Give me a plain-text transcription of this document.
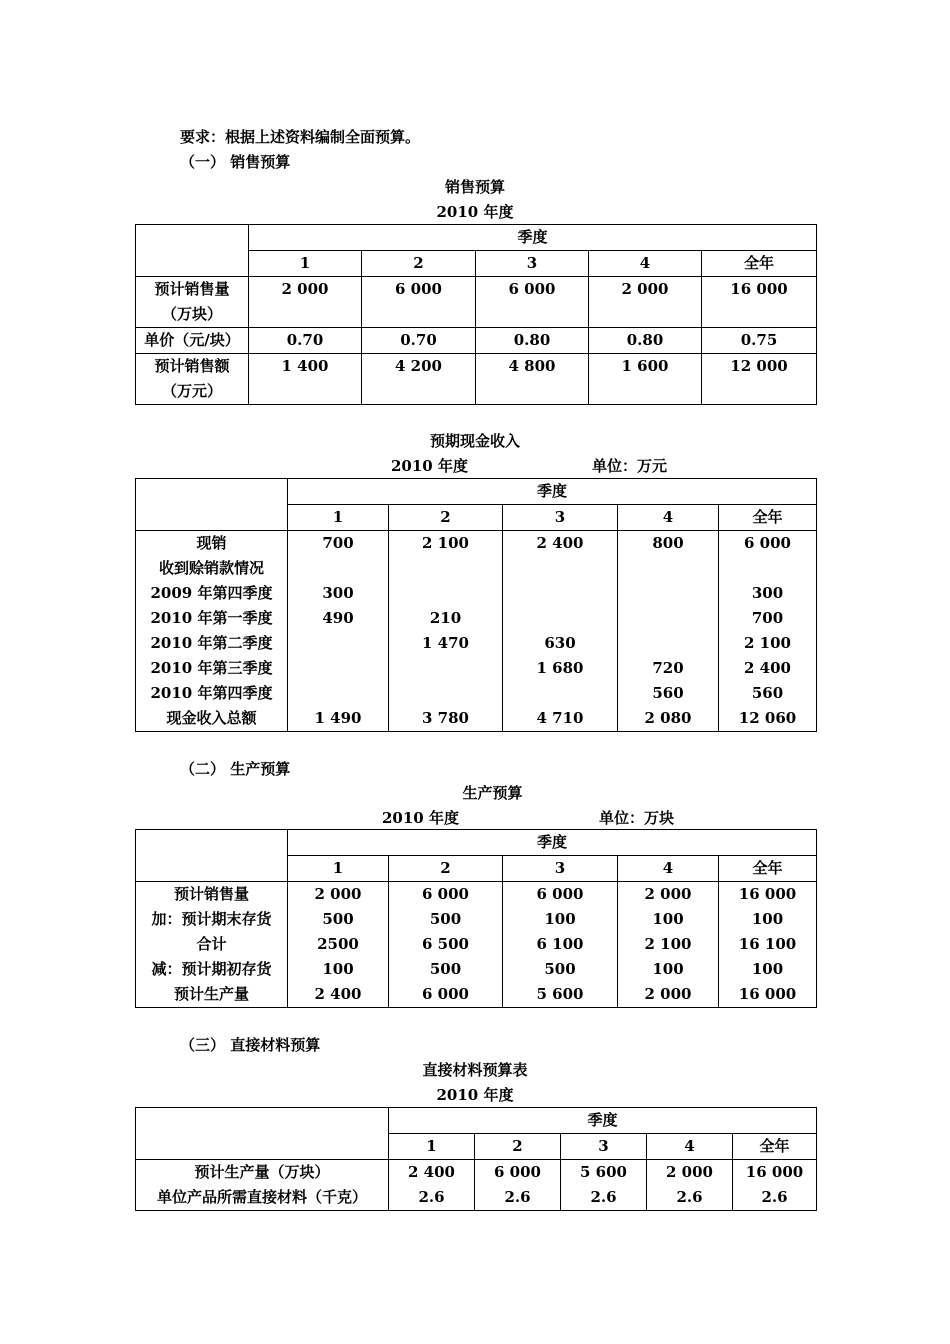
要求：根据上述资料编制全面预算。
（一） 销售预算
销售预算
2010 年度
	季度				
	1	2	3	4	全年
预计销售量
（万块）	2 000	6 000	6 000	2 000	16 000
单价（元/块）	0.70	0.70	0.80	0.80	0.75
预计销售额
（万元）	1 400	4 200	4 800	1 600	12 000
预期现金收入
2010 年度	单位：万元
	季度				
	1	2	3	4	全年
现销	700	2 100	2 400	800	6 000
收到赊销款情况					
2009 年第四季度	300				300
2010 年第一季度	490	210			700
2010 年第二季度		1 470	630		2 100
2010 年第三季度			1 680	720	2 400
2010 年第四季度				560	560
现金收入总额	1 490	3 780	4 710	2 080	12 060
（二） 生产预算
生产预算
2010 年度	单位：万块
	季度				
	1	2	3	4	全年
预计销售量	2 000	6 000	6 000	2 000	16 000
加：预计期末存货	500	500	100	100	100
合计	2500	6 500	6 100	2 100	16 100
减：预计期初存货	100	500	500	100	100
预计生产量	2 400	6 000	5 600	2 000	16 000
（三） 直接材料预算
直接材料预算表
2010 年度
	季度				
	1	2	3	4	全年
预计生产量（万块）	2 400	6 000	5 600	2 000	16 000
单位产品所需直接材料（千克）	2.6	2.6	2.6	2.6	2.6
